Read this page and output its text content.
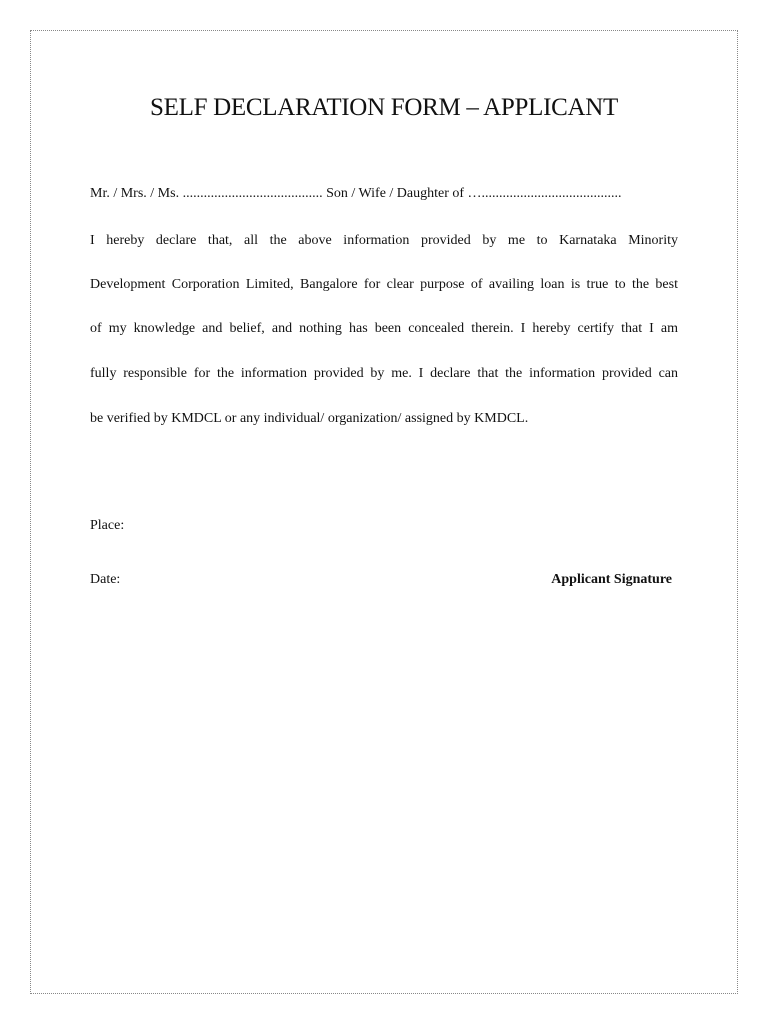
SELF DECLARATION FORM – APPLICANT
Mr. / Mrs. / Ms. ........................................ Son / Wife / Daughter of …........................................
I hereby declare that, all the above information provided by me to Karnataka Minority
Development Corporation Limited, Bangalore for clear purpose of availing loan is true to the best
of my knowledge and belief, and nothing has been concealed therein. I hereby certify that I am
fully responsible for the information provided by me. I declare that the information provided can
be verified by KMDCL or any individual/ organization/ assigned by KMDCL.
Place:
Date:	Applicant Signature
